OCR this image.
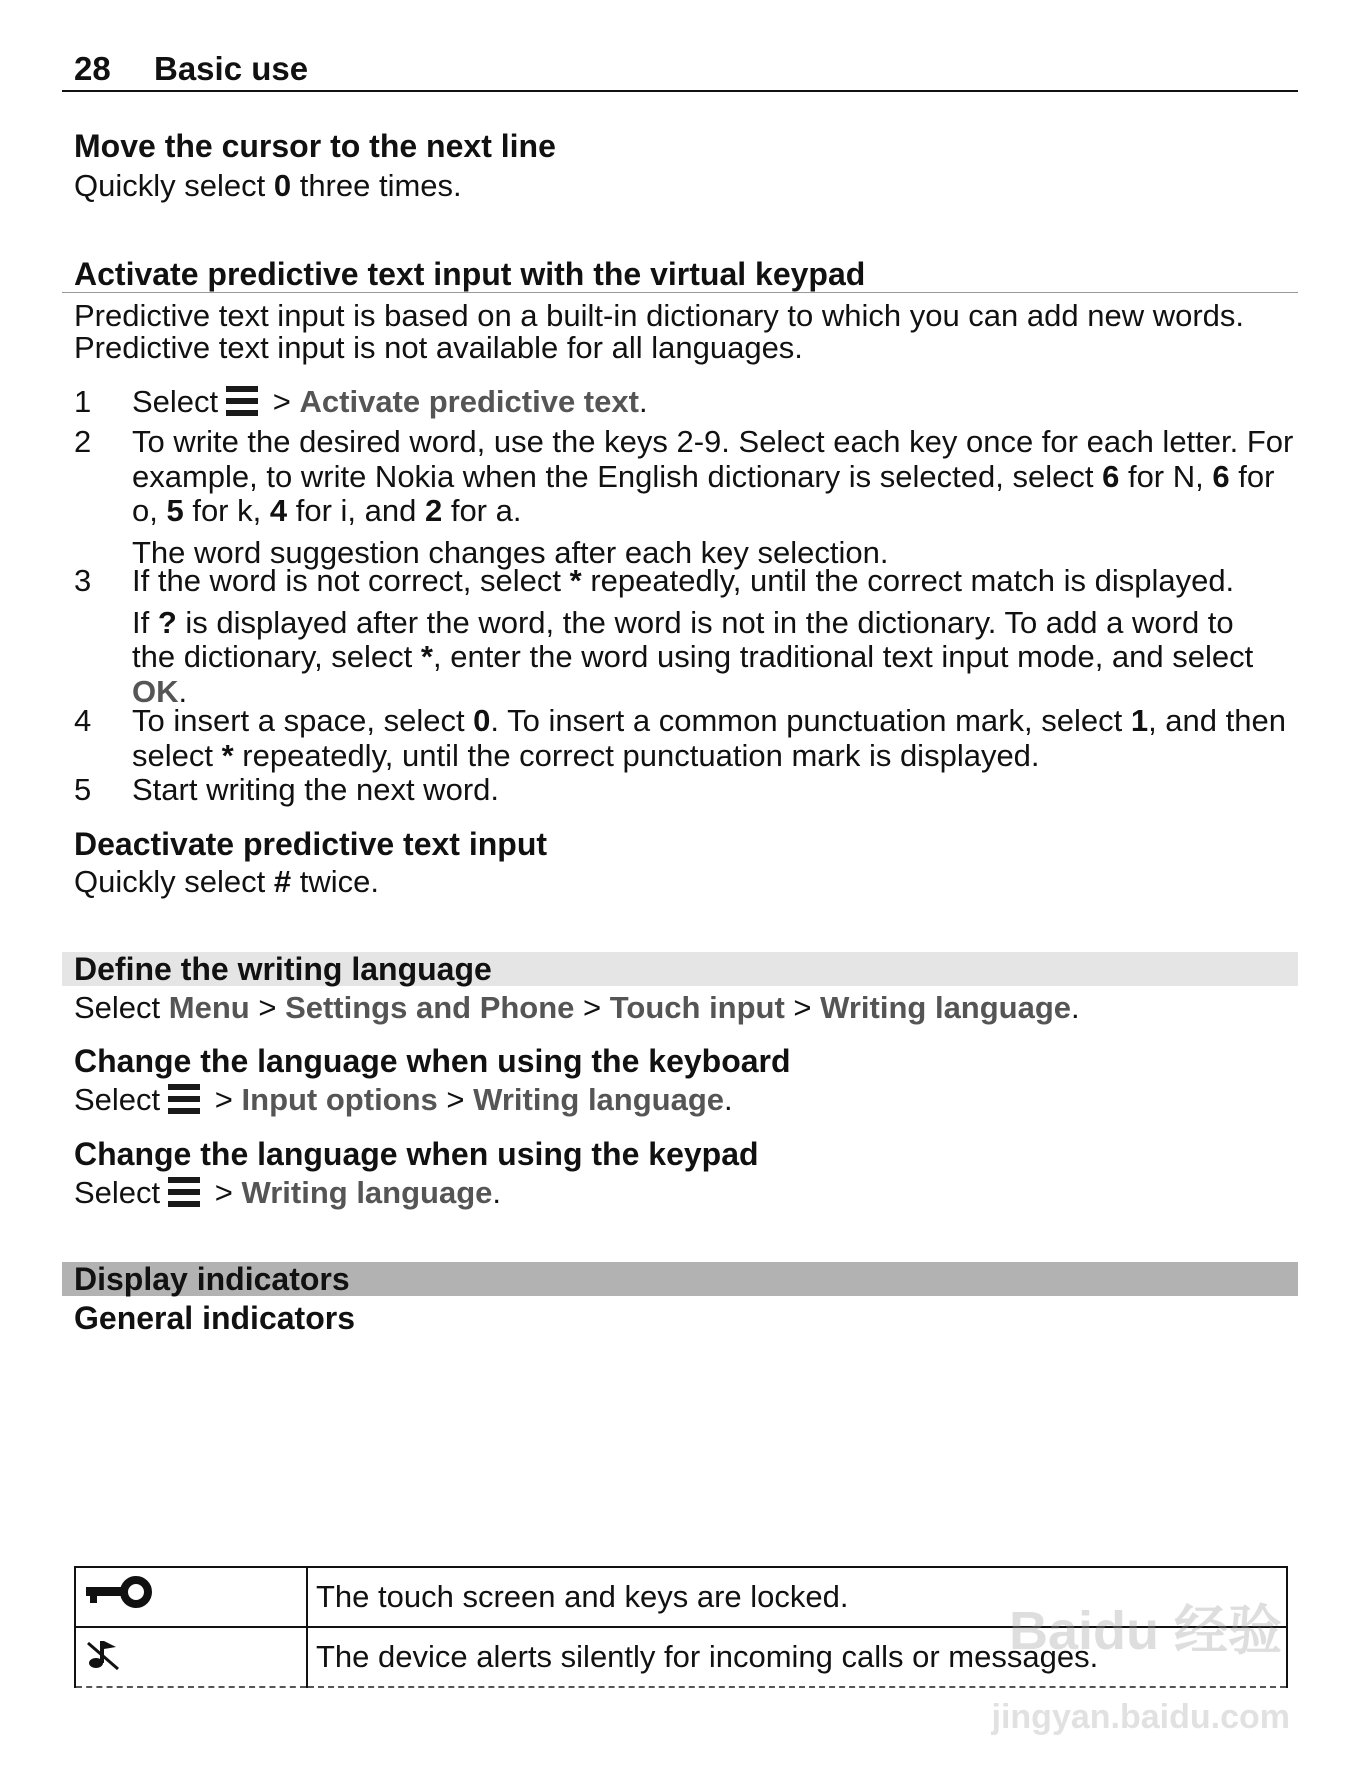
28 Basic use
Move the cursor to the next line
Quickly select 0 three times.
Activate predictive text input with the virtual keypad
Predictive text input is based on a built-in dictionary to which you can add new words.
Predictive text input is not available for all languages.
1 Select
> Activate predictive text.
2 To write the desired word, use the keys 2-9. Select each key once for each letter. For
example, to write Nokia when the English dictionary is selected, select 6 for N, 6 for
o, 5 for k, 4 for i, and 2 for a.
The word suggestion changes after each key selection.
3 If the word is not correct, select * repeatedly, until the correct match is displayed.
If ? is displayed after the word, the word is not in the dictionary. To add a word to
the dictionary, select *, enter the word using traditional text input mode, and select
OK.
4 To insert a space, select 0. To insert a common punctuation mark, select 1, and then
select * repeatedly, until the correct punctuation mark is displayed.
5 Start writing the next word.
Deactivate predictive text input
Quickly select # twice.
Define the writing language
Select Menu > Settings and Phone > Touch input > Writing language.
Change the language when using the keyboard
Select
> Input options > Writing language.
Change the language when using the keypad
Select
> Writing language.
Display indicators
General indicators
	The touch screen and keys are locked.
	The device alerts silently for incoming calls or messages.
Baidu 经验
jingyan.baidu.com
